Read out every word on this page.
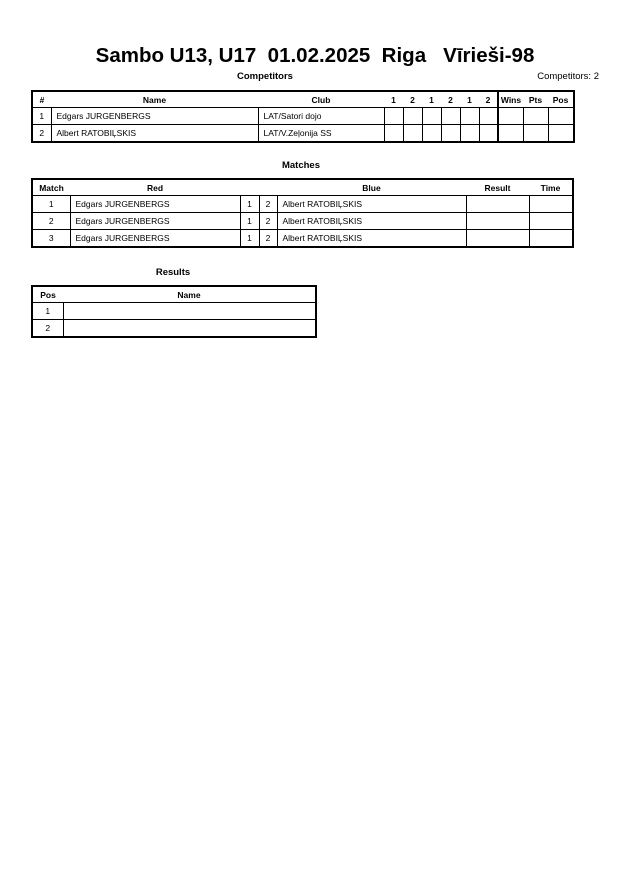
Sambo U13, U17  01.02.2025  Riga   Vīrieši-98
Competitors	Competitors: 2
#	Name	Club	1	2	1	2	1	2	Wins	Pts	Pos
1	Edgars JURGENBERGS	LAT/Satori dojo									
2	Albert RATOBIĻSKIS	LAT/V.Zeļonija SS									
Matches
Match	Red			Blue	Result	Time
1	Edgars JURGENBERGS	1	2	Albert RATOBIĻSKIS		
2	Edgars JURGENBERGS	1	2	Albert RATOBIĻSKIS		
3	Edgars JURGENBERGS	1	2	Albert RATOBIĻSKIS		
Results
Pos	Name
1	
2	
